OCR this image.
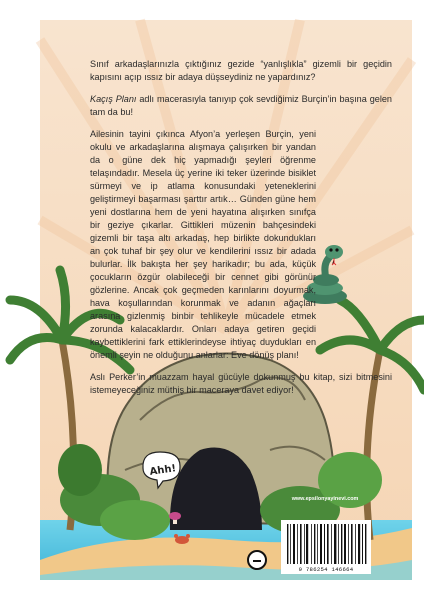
Sınıf arkadaşlarınızla çıktığınız gezide “yanlışlıkla” gizemli bir geçidin kapısını açıp ıssız bir adaya düşseydiniz ne yapardınız?

Kaçış Planı adlı macerasıyla tanıyıp çok sevdiğimiz Burçin’in başına gelen tam da bu!

Ailesinin tayini çıkınca Afyon’a yerleşen Burçin, yeni okulu ve arkadaşlarına alışmaya çalışırken bir yandan da o güne dek hiç yapmadığı şeyleri öğrenme telaşındadır. Mesela üç yerine iki teker üzerinde bisiklet sürmeyi ve ip atlama konusundaki yeteneklerini geliştirmeyi başarması şarttır artık… Günden güne hem yeni dostlarına hem de yeni hayatına alışırken sınıfça bir geziye çıkarlar. Gittikleri müzenin bahçesindeki gizemli bir taşa altı arkadaş, hep birlikte dokundukları an çok tuhaf bir şey olur ve kendilerini ıssız bir adada bulurlar. İlk bakışta her şey harikadır; bu ada, küçük çocukların özgür olabileceği bir cennet gibi görünür gözlerine. Ancak çok geçmeden karınlarını doyurmak, hava koşullarından korunmak ve adanın ağaçları arasına gizlenmiş binbir tehlikeyle mücadele etmek zorunda kalacaklardır. Onları adaya getiren geçidi kaybettiklerini fark ettiklerindeyse ihtiyaç duydukları en önemli şeyin ne olduğunu anlarlar: Eve dönüş planı!

Aslı Perker’in muazzam hayal gücüyle dokunmuş bu kitap, sizi bitmesini istemeyeceğiniz müthiş bir maceraya davet ediyor!

Ahh!
www.epsilonyayinevi.com
9 786254 146664
